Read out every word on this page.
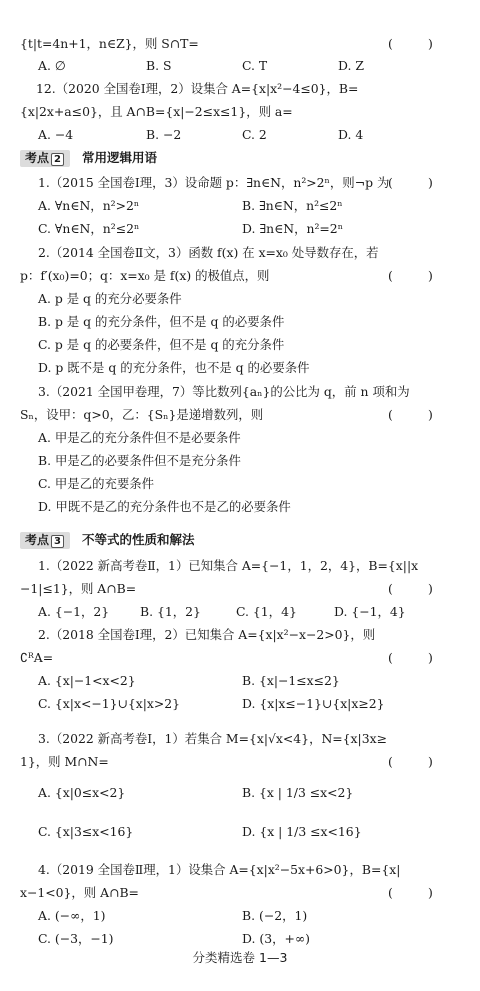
{t|t=4n+1，n∈Z}，则 S∩T=	(	)
A. ∅	B. S	C. T	D. Z
12.（2020 全国卷Ⅰ理，2）设集合 A={x|x²−4≤0}，B=
{x|2x+a≤0}，且 A∩B={x|−2≤x≤1}，则 a=
A. −4	B. −2	C. 2	D. 4
考点 2	常用逻辑用语
1.（2015 全国卷Ⅰ理，3）设命题 p：∃n∈N，n²>2ⁿ，则¬p 为
(	)
A. ∀n∈N，n²>2ⁿ	B. ∃n∈N，n²≤2ⁿ
C. ∀n∈N，n²≤2ⁿ	D. ∃n∈N，n²=2ⁿ
2.（2014 全国卷Ⅱ文，3）函数 f(x) 在 x=x₀ 处导数存在，若
p：f′(x₀)=0；q：x=x₀ 是 f(x) 的极值点，则	(	)
A. p 是 q 的充分必要条件
B. p 是 q 的充分条件，但不是 q 的必要条件
C. p 是 q 的必要条件，但不是 q 的充分条件
D. p 既不是 q 的充分条件，也不是 q 的必要条件
3.（2021 全国甲卷理，7）等比数列{aₙ}的公比为 q，前 n 项和为
Sₙ，设甲：q>0，乙：{Sₙ}是递增数列，则	(	)
A. 甲是乙的充分条件但不是必要条件
B. 甲是乙的必要条件但不是充分条件
C. 甲是乙的充要条件
D. 甲既不是乙的充分条件也不是乙的必要条件
考点 3	不等式的性质和解法
1.（2022 新高考卷Ⅱ，1）已知集合 A={−1，1，2，4}，B={x||x
−1|≤1}，则 A∩B=	(	)
A. {−1，2} B. {1，2}	C. {1，4}	D. {−1，4}
2.（2018 全国卷Ⅰ理，2）已知集合 A={x|x²−x−2>0}，则
∁ᴿA=	(	)
A. {x|−1<x<2}	B. {x|−1≤x≤2}
C. {x|x<−1}∪{x|x>2}	D. {x|x≤−1}∪{x|x≥2}
3.（2022 新高考卷Ⅰ，1）若集合 M={x|√x<4}，N={x|3x≥
1}，则 M∩N=	(	)
A. {x|0≤x<2}	B. {x | 1/3 ≤x<2}
C. {x|3≤x<16}	D. {x | 1/3 ≤x<16}
4.（2019 全国卷Ⅱ理，1）设集合 A={x|x²−5x+6>0}，B={x|
x−1<0}，则 A∩B=	(	)
A. (−∞，1)	B. (−2，1)
C. (−3，−1)	D. (3，+∞)
分类精选卷 1—3
